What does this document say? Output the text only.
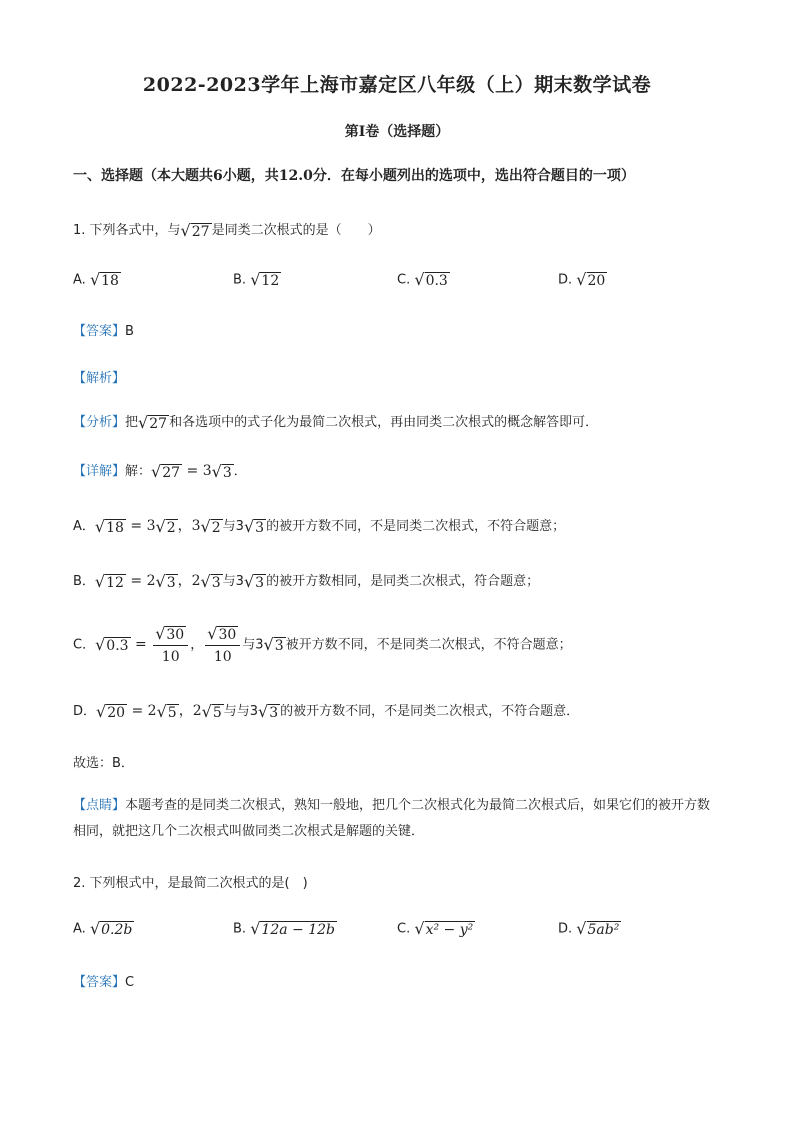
2022-2023学年上海市嘉定区八年级（上）期末数学试卷
第I卷（选择题）
一、选择题（本大题共6小题，共12.0分．在每小题列出的选项中，选出符合题目的一项）
1. 下列各式中，与 √ 27 是同类二次根式的是（　　）
A. √ 18	B. √ 12	C. √ 0.3	D. √ 20
【答案】B
【解析】
【分析】把 √ 27 和各选项中的式子化为最简二次根式，再由同类二次根式的概念解答即可．
【详解】解： √ 27 = 3 √ 3 ．
A． √ 18 = 3 √ 2 ，3 √ 2 与3 √ 3 的被开方数不同，不是同类二次根式，不符合题意；
B． √ 12 = 2 √ 3 ，2 √ 3 与3 √ 3 的被开方数相同，是同类二次根式，符合题意；
C． √ $0.3 = \frac{√ 30}{10}$ ， $\frac{√ 30}{10}$ 与3 √ 3 被开方数不同，不是同类二次根式，不符合题意；
D． √ 20 = 2 √ 5 ，2 √ 5 与与3 √ 3 的被开方数不同，不是同类二次根式，不符合题意．
故选：B．
【点睛】本题考查的是同类二次根式，熟知一般地，把几个二次根式化为最简二次根式后，如果它们的被开方数相同，就把这几个二次根式叫做同类二次根式是解题的关键．
2. 下列根式中，是最简二次根式的是(　)
A. √ 0.2b	B. √ 12a − 12b	C. √ x² − y²	D. √ 5ab²
【答案】C
